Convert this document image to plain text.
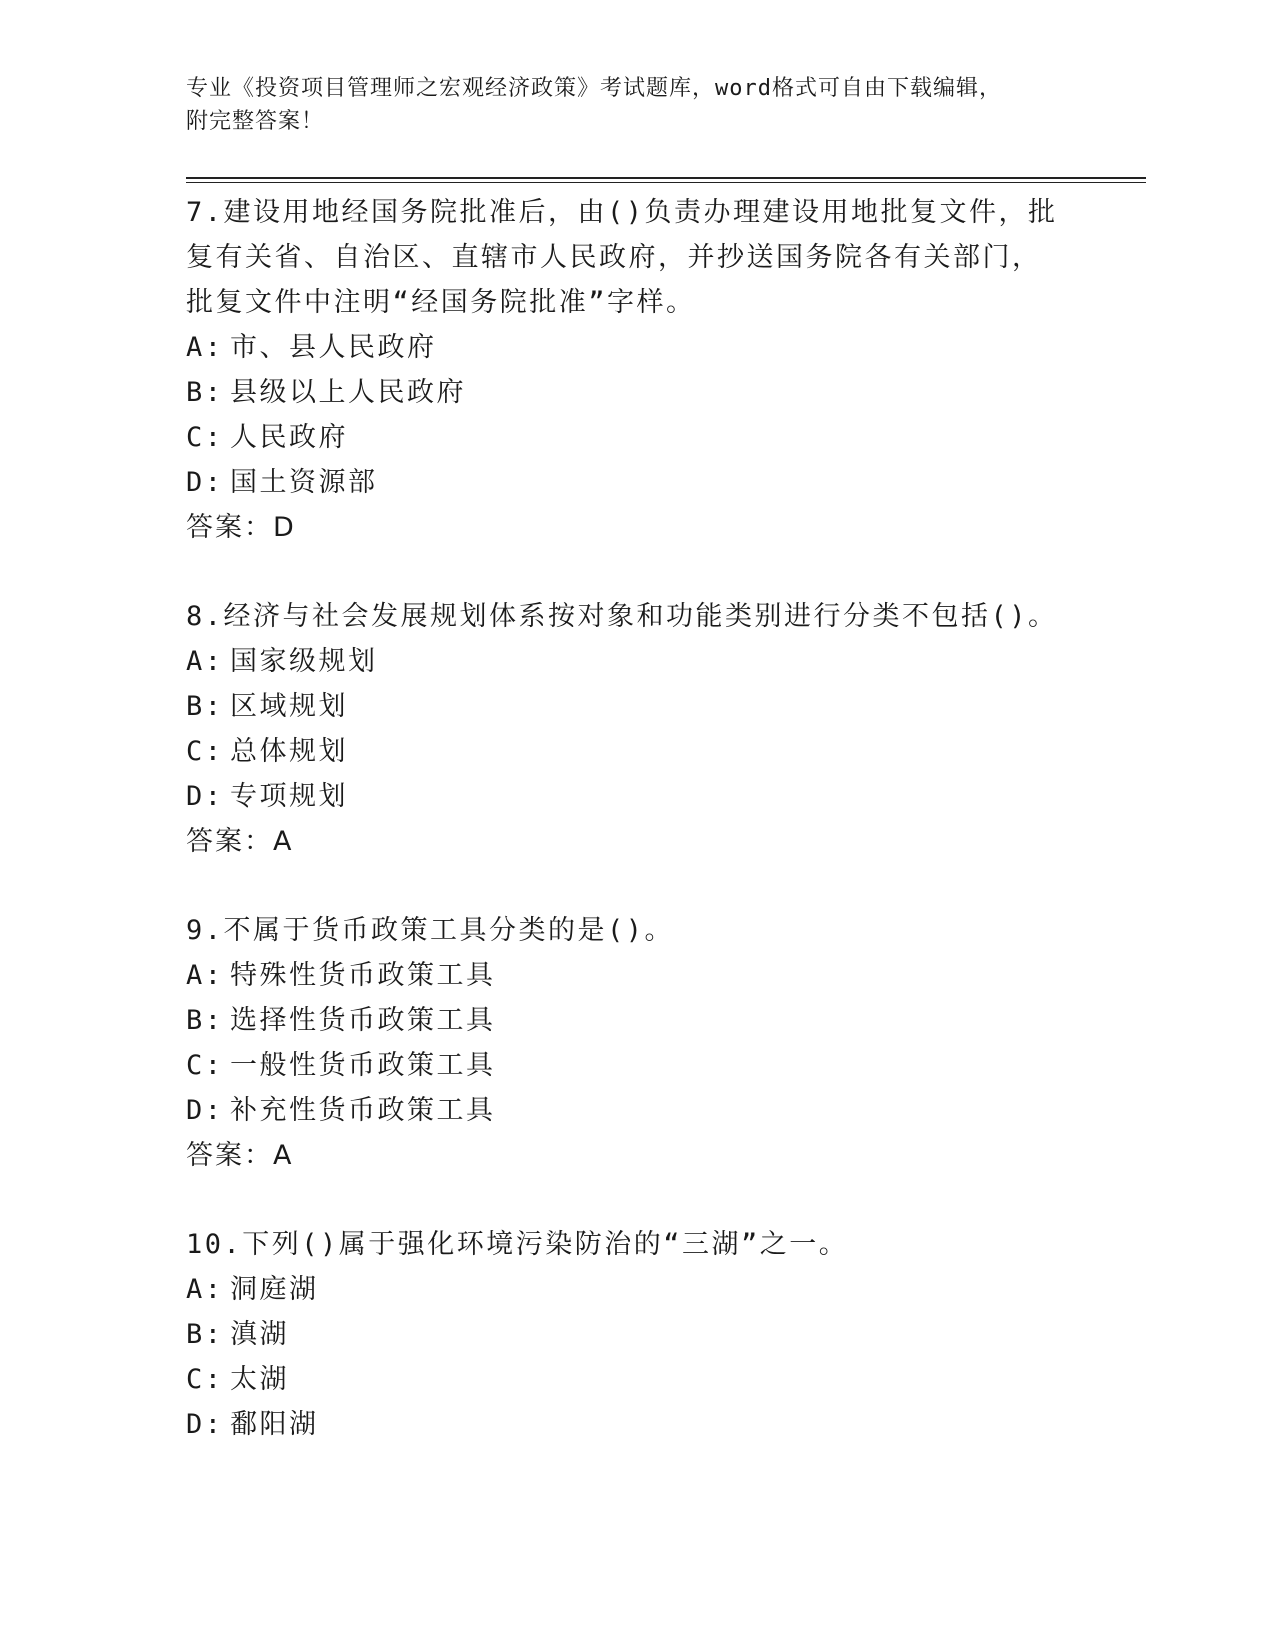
专业《投资项目管理师之宏观经济政策》考试题库，word格式可自由下载编辑，
附完整答案！

7.建设用地经国务院批准后，由()负责办理建设用地批复文件，批复有关省、自治区、直辖市人民政府，并抄送国务院各有关部门，批复文件中注明“经国务院批准”字样。

A: 市、县人民政府
B: 县级以上人民政府
C: 人民政府
D: 国土资源部
答案：D

8.经济与社会发展规划体系按对象和功能类别进行分类不包括()。

A: 国家级规划
B: 区域规划
C: 总体规划
D: 专项规划
答案：A

9.不属于货币政策工具分类的是()。

A: 特殊性货币政策工具
B: 选择性货币政策工具
C: 一般性货币政策工具
D: 补充性货币政策工具
答案：A

10.下列()属于强化环境污染防治的“三湖”之一。

A: 洞庭湖
B: 滇湖
C: 太湖
D: 鄱阳湖
